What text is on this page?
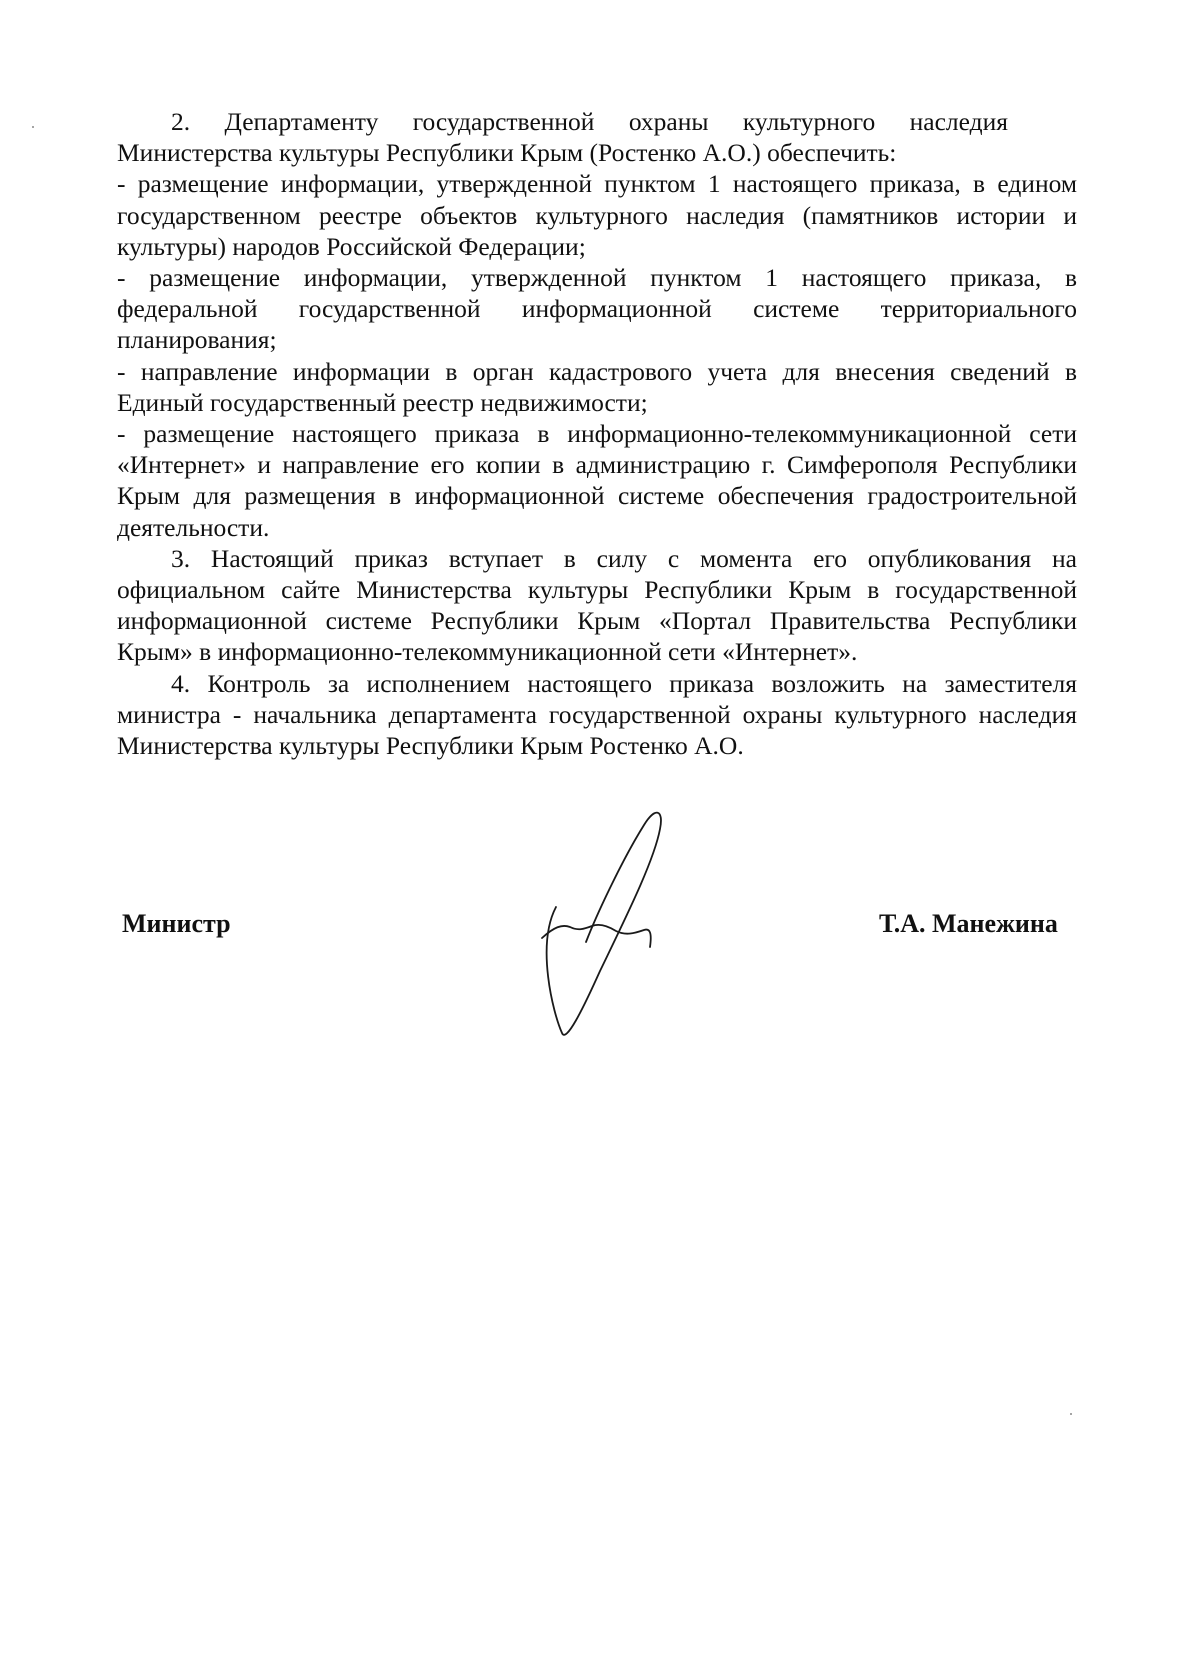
2. Департаменту государственной охраны культурного наследия

Министерства культуры Республики Крым (Ростенко А.О.) обеспечить:

- размещение информации, утвержденной пунктом 1 настоящего приказа, в едином государственном реестре объектов культурного наследия (памятников истории и культуры) народов Российской Федерации;

- размещение информации, утвержденной пунктом 1 настоящего приказа, в федеральной государственной информационной системе территориального планирования;

- направление информации в орган кадастрового учета для внесения сведений в Единый государственный реестр недвижимости;

- размещение настоящего приказа в информационно-телекоммуникационной сети «Интернет» и направление его копии в администрацию г. Симферополя Республики Крым для размещения в информационной системе обеспечения градостроительной деятельности.

3. Настоящий приказ вступает в силу с момента его опубликования на официальном сайте Министерства культуры Республики Крым в государственной информационной системе Республики Крым «Портал Правительства Республики Крым» в информационно-телекоммуникационной сети «Интернет».

4. Контроль за исполнением настоящего приказа возложить на заместителя министра - начальника департамента государственной охраны культурного наследия Министерства культуры Республики Крым Ростенко А.О.

Министр	Т.А. Манежина
